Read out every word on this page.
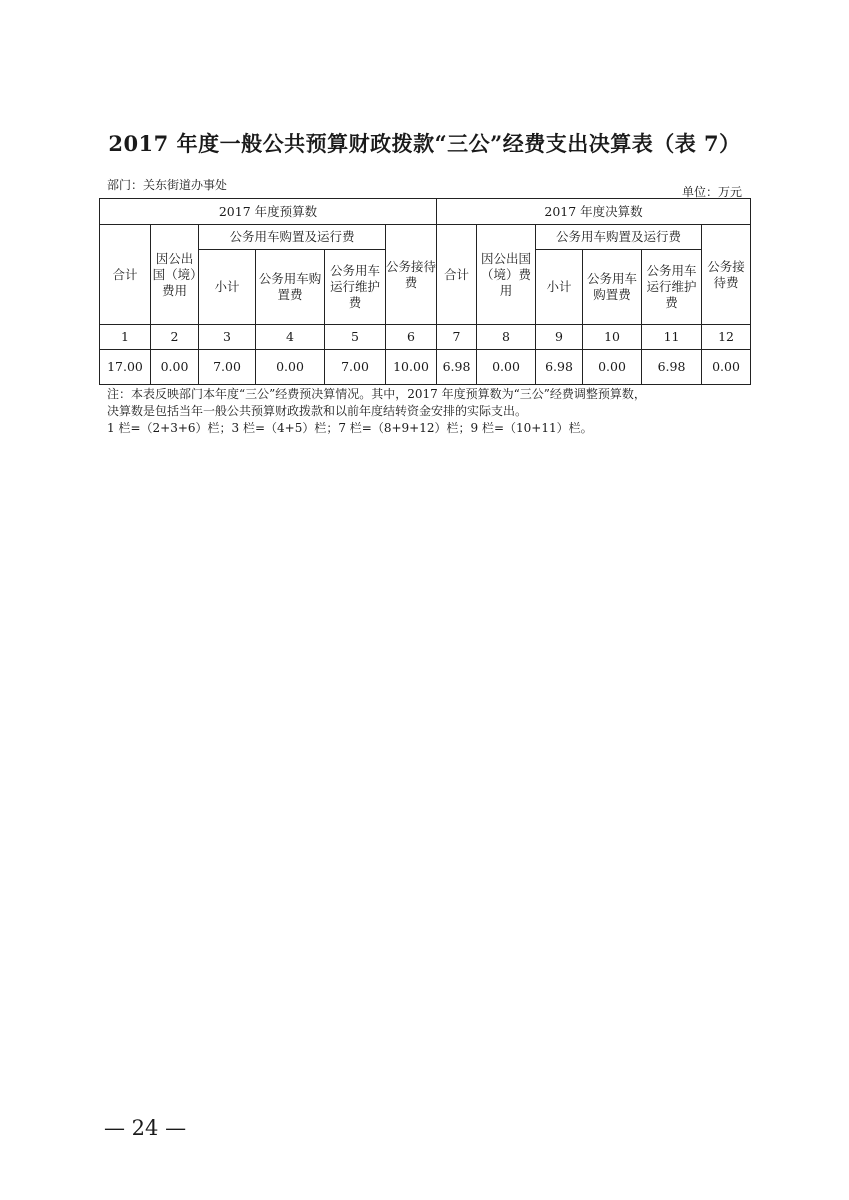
2017 年度一般公共预算财政拨款“三公”经费支出决算表（表 7）
部门：关东街道办事处	单位：万元
2017 年度预算数						2017 年度决算数					
合计	因公出国（境）费用	公务用车购置及运行费			公务接待费	合计	因公出国（境）费用	公务用车购置及运行费			公务接待费
		小计	公务用车购置费	公务用车运行维护费				小计	公务用车购置费	公务用车运行维护费	
1	2	3	4	5	6	7	8	9	10	11	12
17.00	0.00	7.00	0.00	7.00	10.00	6.98	0.00	6.98	0.00	6.98	0.00
注：本表反映部门本年度“三公”经费预决算情况。其中，2017 年度预算数为“三公”经费调整预算数，
决算数是包括当年一般公共预算财政拨款和以前年度结转资金安排的实际支出。
1 栏=（2+3+6）栏；3 栏=（4+5）栏；7 栏=（8+9+12）栏；9 栏=（10+11）栏。
— 24 —
